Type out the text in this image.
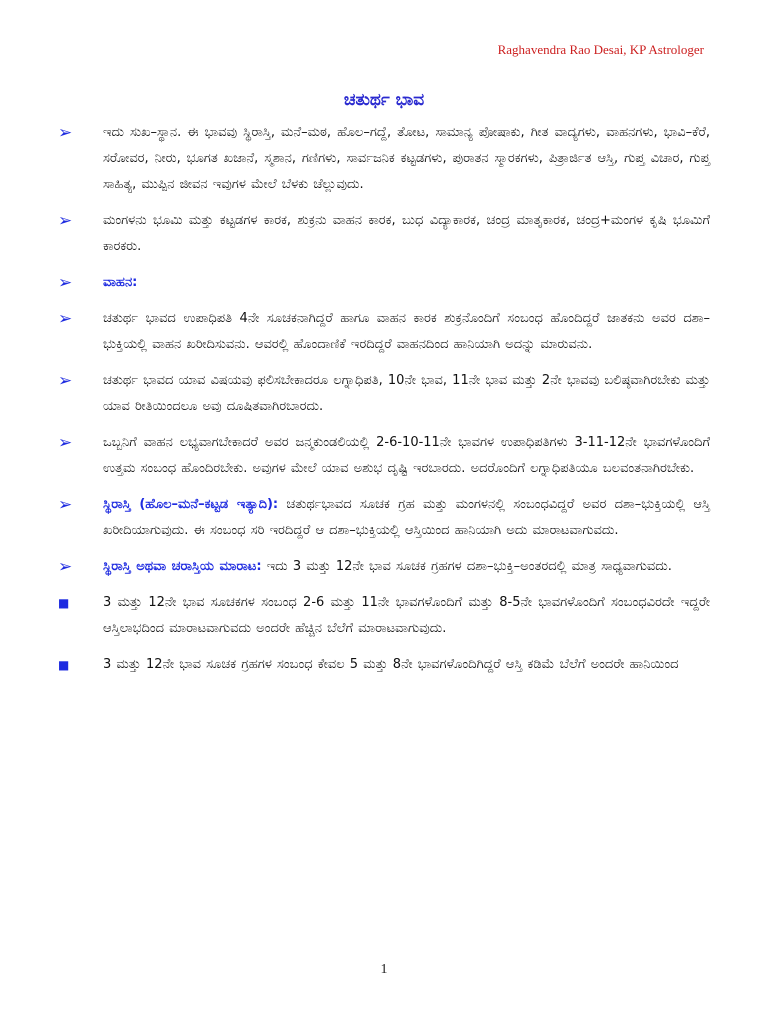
Raghavendra Rao Desai, KP Astrologer
ಚತುರ್ಥ ಭಾವ
➢ ಇದು ಸುಖ–ಸ್ಥಾನ. ಈ ಭಾವವು ಸ್ಥಿರಾಸ್ತಿ, ಮನೆ–ಮಠ, ಹೊಲ–ಗದ್ದೆ, ತೋಟ, ಸಾಮಾನ್ಯ ಪೋಷಾಕು, ಗೀತ ವಾದ್ಯಗಳು, ವಾಹನಗಳು, ಭಾವಿ–ಕೆರೆ, ಸರೋವರ, ನೀರು, ಭೂಗತ ಖಜಾನೆ, ಸ್ಮಶಾನ, ಗಣಿಗಳು, ಸಾರ್ವಜನಿಕ ಕಟ್ಟಡಗಳು, ಪುರಾತನ ಸ್ಮಾರಕಗಳು, ಪಿತ್ರಾರ್ಜಿತ ಆಸ್ತಿ, ಗುಪ್ತ ವಿಚಾರ, ಗುಪ್ತ ಸಾಹಿತ್ಯ, ಮುಪ್ಪಿನ ಜೀವನ ಇವುಗಳ ಮೇಲೆ ಬೆಳಕು ಚೆಲ್ಲುವುದು.
➢ ಮಂಗಳನು ಭೂಮಿ ಮತ್ತು ಕಟ್ಟಡಗಳ ಕಾರಕ, ಶುಕ್ರನು ವಾಹನ ಕಾರಕ, ಬುಧ ವಿದ್ಯಾಕಾರಕ, ಚಂದ್ರ ಮಾತೃಕಾರಕ, ಚಂದ್ರ+ಮಂಗಳ ಕೃಷಿ ಭೂಮಿಗೆ ಕಾರಕರು.
➢ ವಾಹನ:
➢ ಚತುರ್ಥ ಭಾವದ ಉಪಾಧಿಪತಿ 4ನೇ ಸೂಚಕನಾಗಿದ್ದರೆ ಹಾಗೂ ವಾಹನ ಕಾರಕ ಶುಕ್ರನೊಂದಿಗೆ ಸಂಬಂಧ ಹೊಂದಿದ್ದರೆ ಜಾತಕನು ಅವರ ದಶಾ–ಭುಕ್ತಿಯಲ್ಲಿ ವಾಹನ ಖರೀದಿಸುವನು. ಆವರಲ್ಲಿ ಹೊಂದಾಣಿಕೆ ಇರದಿದ್ದರೆ ವಾಹನದಿಂದ ಹಾನಿಯಾಗಿ ಅದನ್ನು ಮಾರುವನು.
➢ ಚತುರ್ಥ ಭಾವದ ಯಾವ ವಿಷಯವು ಫಲಿಸಬೇಕಾದರೂ ಲಗ್ನಾಧಿಪತಿ, 10ನೇ ಭಾವ, 11ನೇ ಭಾವ ಮತ್ತು 2ನೇ ಭಾವವು ಬಲಿಷ್ಠವಾಗಿರಬೇಕು ಮತ್ತು ಯಾವ ರೀತಿಯಿಂದಲೂ ಅವು ದೂಷಿತವಾಗಿರಬಾರದು.
➢ ಒಬ್ಬನಿಗೆ ವಾಹನ ಲಭ್ಯವಾಗಬೇಕಾದರೆ ಅವರ ಜನ್ಮಕುಂಡಲಿಯಲ್ಲಿ 2-6-10-11ನೇ ಭಾವಗಳ ಉಪಾಧಿಪತಿಗಳು 3-11-12ನೇ ಭಾವಗಳೊಂದಿಗೆ ಉತ್ತಮ ಸಂಬಂಧ ಹೊಂದಿರಬೇಕು. ಅವುಗಳ ಮೇಲೆ ಯಾವ ಅಶುಭ ದೃಷ್ಟಿ ಇರಬಾರದು. ಅದರೊಂದಿಗೆ ಲಗ್ನಾಧಿಪತಿಯೂ ಬಲವಂತನಾಗಿರಬೇಕು.
➢ ಸ್ಥಿರಾಸ್ತಿ (ಹೊಲ–ಮನೆ–ಕಟ್ಟಡ ಇತ್ಯಾದಿ): ಚತುರ್ಥಭಾವದ ಸೂಚಕ ಗ್ರಹ ಮತ್ತು ಮಂಗಳನಲ್ಲಿ ಸಂಬಂಧವಿದ್ದರೆ ಅವರ ದಶಾ–ಭುಕ್ತಿಯಲ್ಲಿ ಆಸ್ತಿ ಖರೀದಿಯಾಗುವುದು. ಈ ಸಂಬಂಧ ಸರಿ ಇರದಿದ್ದರೆ ಆ ದಶಾ–ಭುಕ್ತಿಯಲ್ಲಿ ಆಸ್ತಿಯಿಂದ ಹಾನಿಯಾಗಿ ಅದು ಮಾರಾಟವಾಗುವದು.
➢ ಸ್ಥಿರಾಸ್ತಿ ಅಥವಾ ಚರಾಸ್ತಿಯ ಮಾರಾಟ: ಇದು 3 ಮತ್ತು 12ನೇ ಭಾವ ಸೂಚಕ ಗ್ರಹಗಳ ದಶಾ–ಭುಕ್ತಿ–ಅಂತರದಲ್ಲಿ ಮಾತ್ರ ಸಾಧ್ಯವಾಗುವದು.
■	3 ಮತ್ತು 12ನೇ ಭಾವ ಸೂಚಕಗಳ ಸಂಬಂಧ 2-6 ಮತ್ತು 11ನೇ ಭಾವಗಳೊಂದಿಗೆ ಮತ್ತು 8-5ನೇ ಭಾವಗಳೊಂದಿಗೆ ಸಂಬಂಧವಿರದೇ ಇದ್ದರೇ ಆಸ್ತಿಲಾಭದಿಂದ ಮಾರಾಟವಾಗುವದು ಅಂದರೇ ಹೆಚ್ಚಿನ ಬೆಲೆಗೆ ಮಾರಾಟವಾಗುವುದು.
■	3 ಮತ್ತು 12ನೇ ಭಾವ ಸೂಚಕ ಗ್ರಹಗಳ ಸಂಬಂಧ ಕೇವಲ 5 ಮತ್ತು 8ನೇ ಭಾವಗಳೊಂದಿಗಿದ್ದರೆ ಆಸ್ತಿ ಕಡಿಮೆ ಬೆಲೆಗೆ ಅಂದರೇ ಹಾನಿಯಿಂದ
1
